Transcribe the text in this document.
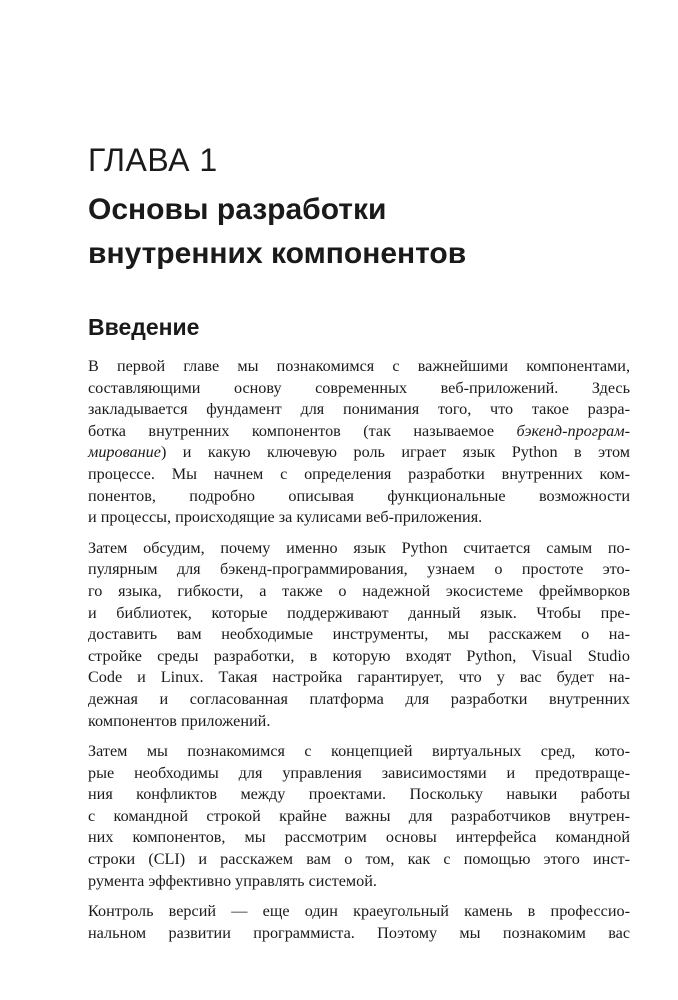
ГЛАВА 1
Основы разработки
внутренних компонентов
Введение

В первой главе мы познакомимся с важнейшими компонентами,
составляющими основу современных веб-приложений. Здесь
закладывается фундамент для понимания того, что такое разра-
ботка внутренних компонентов (так называемое бэкенд-програм-
мирование) и какую ключевую роль играет язык Python в этом
процессе. Мы начнем с определения разработки внутренних ком-
понентов, подробно описывая функциональные возможности
и процессы, происходящие за кулисами веб-приложения.

Затем обсудим, почему именно язык Python считается самым по-
пулярным для бэкенд-программирования, узнаем о простоте это-
го языка, гибкости, а также о надежной экосистеме фреймворков
и библиотек, которые поддерживают данный язык. Чтобы пре-
доставить вам необходимые инструменты, мы расскажем о на-
стройке среды разработки, в которую входят Python, Visual Studio
Code и Linux. Такая настройка гарантирует, что у вас будет на-
дежная и согласованная платформа для разработки внутренних
компонентов приложений.

Затем мы познакомимся с концепцией виртуальных сред, кото-
рые необходимы для управления зависимостями и предотвраще-
ния конфликтов между проектами. Поскольку навыки работы
с командной строкой крайне важны для разработчиков внутрен-
них компонентов, мы рассмотрим основы интерфейса командной
строки (CLI) и расскажем вам о том, как с помощью этого инст-
румента эффективно управлять системой.

Контроль версий — еще один краеугольный камень в профессио-
нальном развитии программиста. Поэтому мы познакомим вас
